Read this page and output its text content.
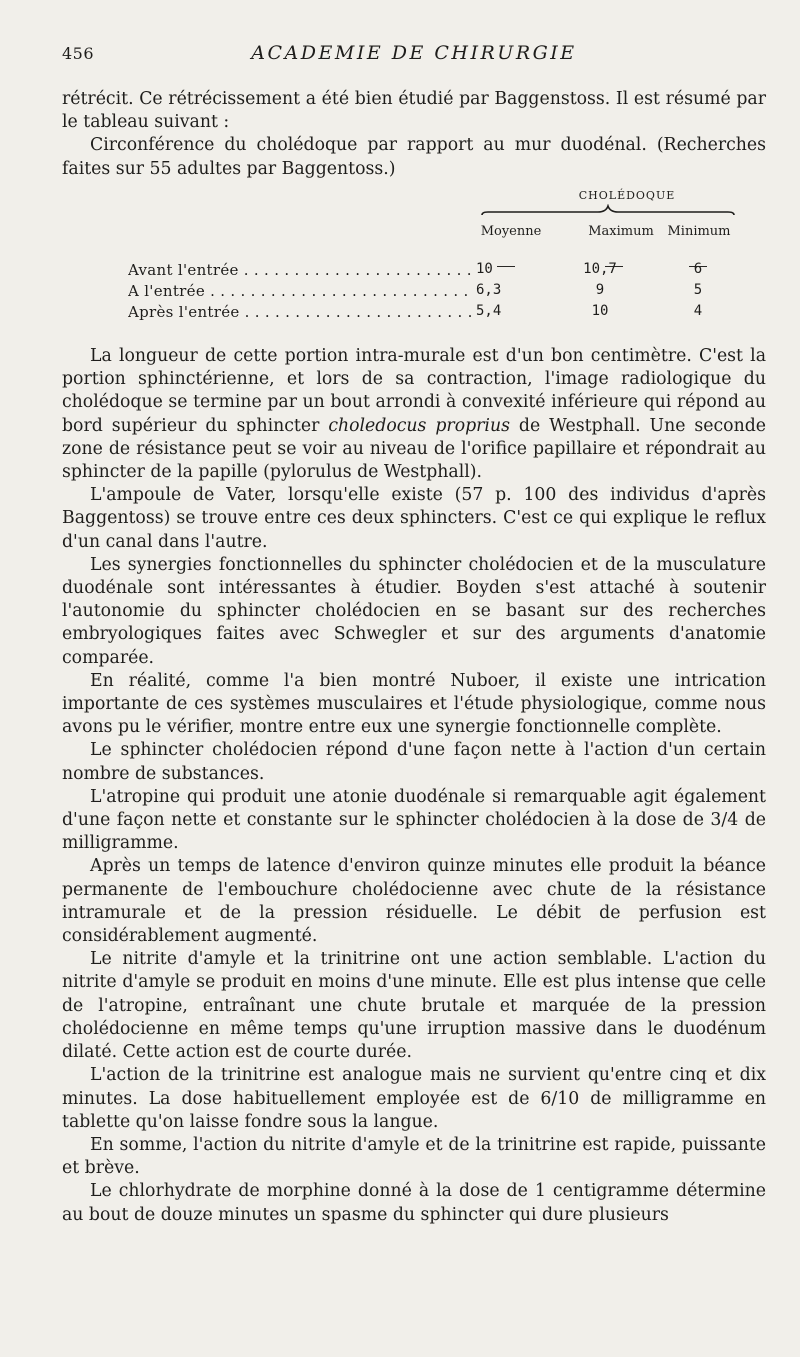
456	ACADEMIE DE CHIRURGIE

rétrécit. Ce rétrécissement a été bien étudié par Baggenstoss. Il est résumé par le tableau suivant :

Circonférence du cholédoque par rapport au mur duodénal. (Recherches faites sur 55 adultes par Baggentoss.)

CHOLÉDOQUE
Moyenne	Maximum	Minimum
Avant l'entrée . . .	10	10,7	6
A l'entrée . . .	6,3	9	5
Après l'entrée . . .	5,4	10	4

La longueur de cette portion intra-murale est d'un bon centimètre. C'est la portion sphinctérienne, et lors de sa contraction, l'image radiologique du cholédoque se termine par un bout arrondi à convexité inférieure qui répond au bord supérieur du sphincter choledocus proprius de Westphall. Une seconde zone de résistance peut se voir au niveau de l'orifice papillaire et répondrait au sphincter de la papille (pylorulus de Westphall).

L'ampoule de Vater, lorsqu'elle existe (57 p. 100 des individus d'après Baggentoss) se trouve entre ces deux sphincters. C'est ce qui explique le reflux d'un canal dans l'autre.

Les synergies fonctionnelles du sphincter cholédocien et de la musculature duodénale sont intéressantes à étudier. Boyden s'est attaché à soutenir l'autonomie du sphincter cholédocien en se basant sur des recherches embryologiques faites avec Schwegler et sur des arguments d'anatomie comparée.

En réalité, comme l'a bien montré Nuboer, il existe une intrication importante de ces systèmes musculaires et l'étude physiologique, comme nous avons pu le vérifier, montre entre eux une synergie fonctionnelle complète.

Le sphincter cholédocien répond d'une façon nette à l'action d'un certain nombre de substances.

L'atropine qui produit une atonie duodénale si remarquable agit également d'une façon nette et constante sur le sphincter cholédocien à la dose de 3/4 de milligramme.

Après un temps de latence d'environ quinze minutes elle produit la béance permanente de l'embouchure cholédocienne avec chute de la résistance intramurale et de la pression résiduelle. Le débit de perfusion est considérablement augmenté.

Le nitrite d'amyle et la trinitrine ont une action semblable. L'action du nitrite d'amyle se produit en moins d'une minute. Elle est plus intense que celle de l'atropine, entraînant une chute brutale et marquée de la pression cholédocienne en même temps qu'une irruption massive dans le duodénum dilaté. Cette action est de courte durée.

L'action de la trinitrine est analogue mais ne survient qu'entre cinq et dix minutes. La dose habituellement employée est de 6/10 de milligramme en tablette qu'on laisse fondre sous la langue.

En somme, l'action du nitrite d'amyle et de la trinitrine est rapide, puissante et brève.

Le chlorhydrate de morphine donné à la dose de 1 centigramme détermine au bout de douze minutes un spasme du sphincter qui dure plusieurs
